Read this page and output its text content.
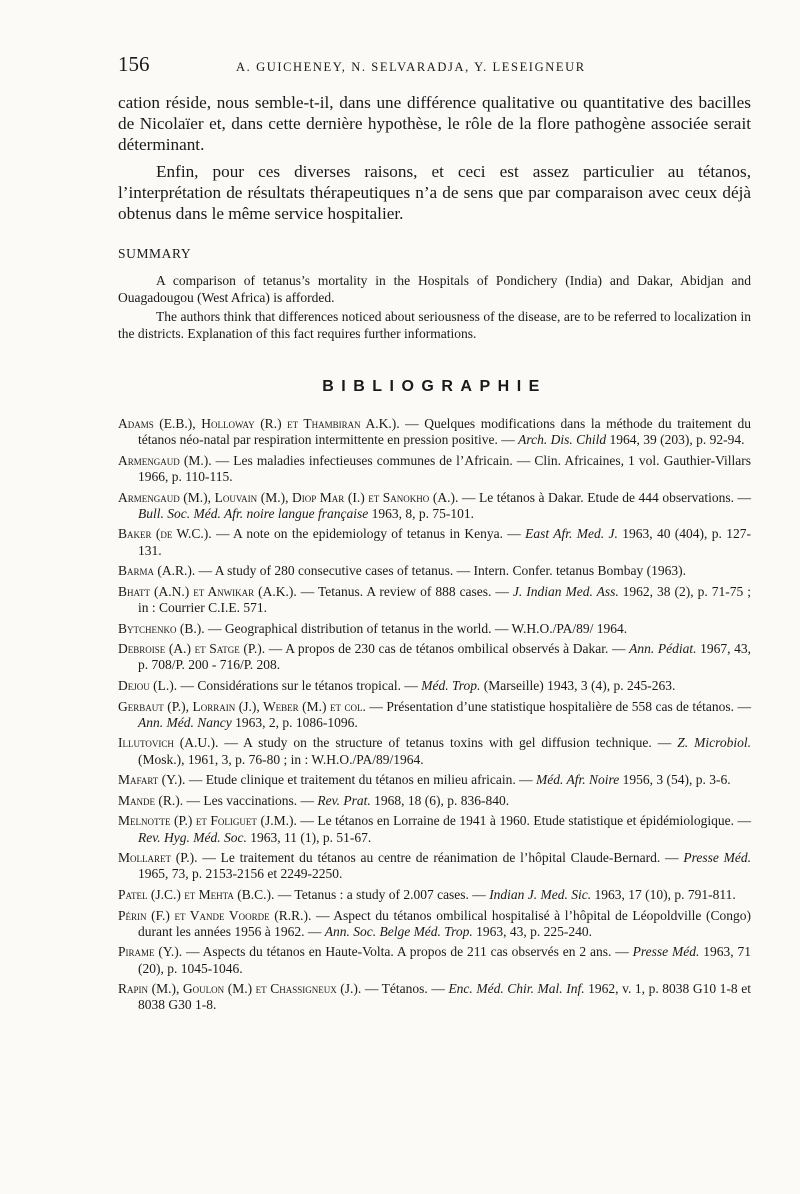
156	A. GUICHENEY, N. SELVARADJA, Y. LESEIGNEUR

cation réside, nous semble-t-il, dans une différence qualitative ou quantitative des bacilles de Nicolaïer et, dans cette dernière hypothèse, le rôle de la flore pathogène associée serait déterminant.

Enfin, pour ces diverses raisons, et ceci est assez particulier au tétanos, l’interprétation de résultats thérapeutiques n’a de sens que par comparaison avec ceux déjà obtenus dans le même service hospitalier.

SUMMARY

A comparison of tetanus’s mortality in the Hospitals of Pondichery (India) and Dakar, Abidjan and Ouagadougou (West Africa) is afforded.

The authors think that differences noticed about seriousness of the disease, are to be referred to localization in the districts. Explanation of this fact requires further informations.

BIBLIOGRAPHIE
Adams (E.B.), Holloway (R.) et Thambiran A.K.). — Quelques modifications dans la méthode du traitement du tétanos néo-natal par respiration intermittente en pression positive. — Arch. Dis. Child 1964, 39 (203), p. 92-94.
Armengaud (M.). — Les maladies infectieuses communes de l’Africain. — Clin. Africaines, 1 vol. Gauthier-Villars 1966, p. 110-115.
Armengaud (M.), Louvain (M.), Diop Mar (I.) et Sanokho (A.). — Le tétanos à Dakar. Etude de 444 observations. — Bull. Soc. Méd. Afr. noire langue française 1963, 8, p. 75-101.
Baker (de W.C.). — A note on the epidemiology of tetanus in Kenya. — East Afr. Med. J. 1963, 40 (404), p. 127-131.
Barma (A.R.). — A study of 280 consecutive cases of tetanus. — Intern. Confer. tetanus Bombay (1963).
Bhatt (A.N.) et Anwikar (A.K.). — Tetanus. A review of 888 cases. — J. Indian Med. Ass. 1962, 38 (2), p. 71-75 ; in : Courrier C.I.E. 571.
Bytchenko (B.). — Geographical distribution of tetanus in the world. — W.H.O./PA/89/ 1964.
Debroise (A.) et Satge (P.). — A propos de 230 cas de tétanos ombilical observés à Dakar. — Ann. Pédiat. 1967, 43, p. 708/P. 200 - 716/P. 208.
Dejou (L.). — Considérations sur le tétanos tropical. — Méd. Trop. (Marseille) 1943, 3 (4), p. 245-263.
Gerbaut (P.), Lorrain (J.), Weber (M.) et col. — Présentation d’une statistique hospitalière de 558 cas de tétanos. — Ann. Méd. Nancy 1963, 2, p. 1086-1096.
Illutovich (A.U.). — A study on the structure of tetanus toxins with gel diffusion technique. — Z. Microbiol. (Mosk.), 1961, 3, p. 76-80 ; in : W.H.O./PA/89/1964.
Mafart (Y.). — Etude clinique et traitement du tétanos en milieu africain. — Méd. Afr. Noire 1956, 3 (54), p. 3-6.
Mande (R.). — Les vaccinations. — Rev. Prat. 1968, 18 (6), p. 836-840.
Melnotte (P.) et Foliguet (J.M.). — Le tétanos en Lorraine de 1941 à 1960. Etude statistique et épidémiologique. — Rev. Hyg. Méd. Soc. 1963, 11 (1), p. 51-67.
Mollaret (P.). — Le traitement du tétanos au centre de réanimation de l’hôpital Claude-Bernard. — Presse Méd. 1965, 73, p. 2153-2156 et 2249-2250.
Patel (J.C.) et Mehta (B.C.). — Tetanus : a study of 2.007 cases. — Indian J. Med. Sic. 1963, 17 (10), p. 791-811.
Périn (F.) et Vande Voorde (R.R.). — Aspect du tétanos ombilical hospitalisé à l’hôpital de Léopoldville (Congo) durant les années 1956 à 1962. — Ann. Soc. Belge Méd. Trop. 1963, 43, p. 225-240.
Pirame (Y.). — Aspects du tétanos en Haute-Volta. A propos de 211 cas observés en 2 ans. — Presse Méd. 1963, 71 (20), p. 1045-1046.
Rapin (M.), Goulon (M.) et Chassigneux (J.). — Tétanos. — Enc. Méd. Chir. Mal. Inf. 1962, v. 1, p. 8038 G10 1-8 et 8038 G30 1-8.
